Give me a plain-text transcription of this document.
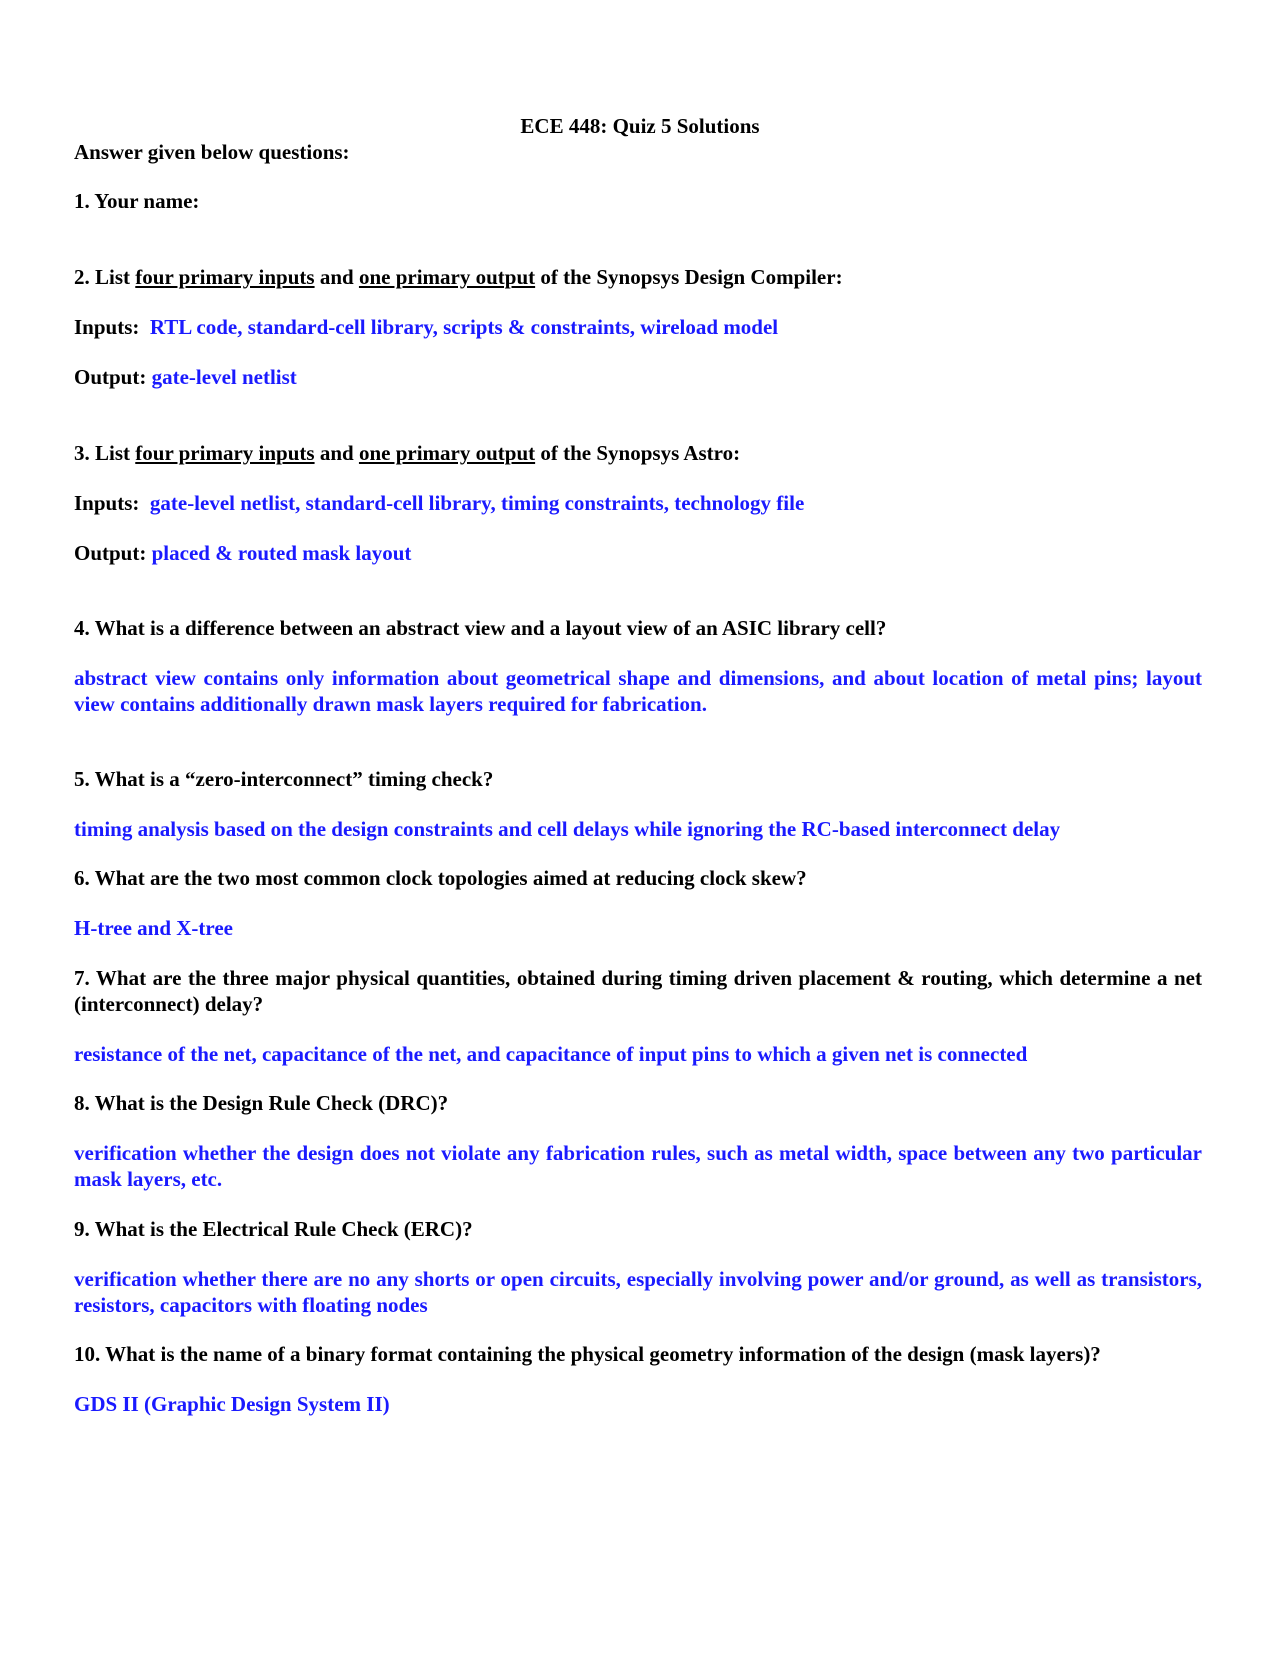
ECE 448: Quiz 5 Solutions
Answer given below questions:
1. Your name:
2. List four primary inputs and one primary output of the Synopsys Design Compiler:
Inputs: RTL code, standard-cell library, scripts & constraints, wireload model
Output: gate-level netlist
3. List four primary inputs and one primary output of the Synopsys Astro:
Inputs: gate-level netlist, standard-cell library, timing constraints, technology file
Output: placed & routed mask layout
4. What is a difference between an abstract view and a layout view of an ASIC library cell?
abstract view contains only information about geometrical shape and dimensions, and about location of metal pins; layout view contains additionally drawn mask layers required for fabrication.
5. What is a “zero-interconnect” timing check?
timing analysis based on the design constraints and cell delays while ignoring the RC-based interconnect delay
6. What are the two most common clock topologies aimed at reducing clock skew?
H-tree and X-tree
7. What are the three major physical quantities, obtained during timing driven placement & routing, which determine a net (interconnect) delay?
resistance of the net, capacitance of the net, and capacitance of input pins to which a given net is connected
8. What is the Design Rule Check (DRC)?
verification whether the design does not violate any fabrication rules, such as metal width, space between any two particular mask layers, etc.
9. What is the Electrical Rule Check (ERC)?
verification whether there are no any shorts or open circuits, especially involving power and/or ground, as well as transistors, resistors, capacitors with floating nodes
10. What is the name of a binary format containing the physical geometry information of the design (mask layers)?
GDS II (Graphic Design System II)
